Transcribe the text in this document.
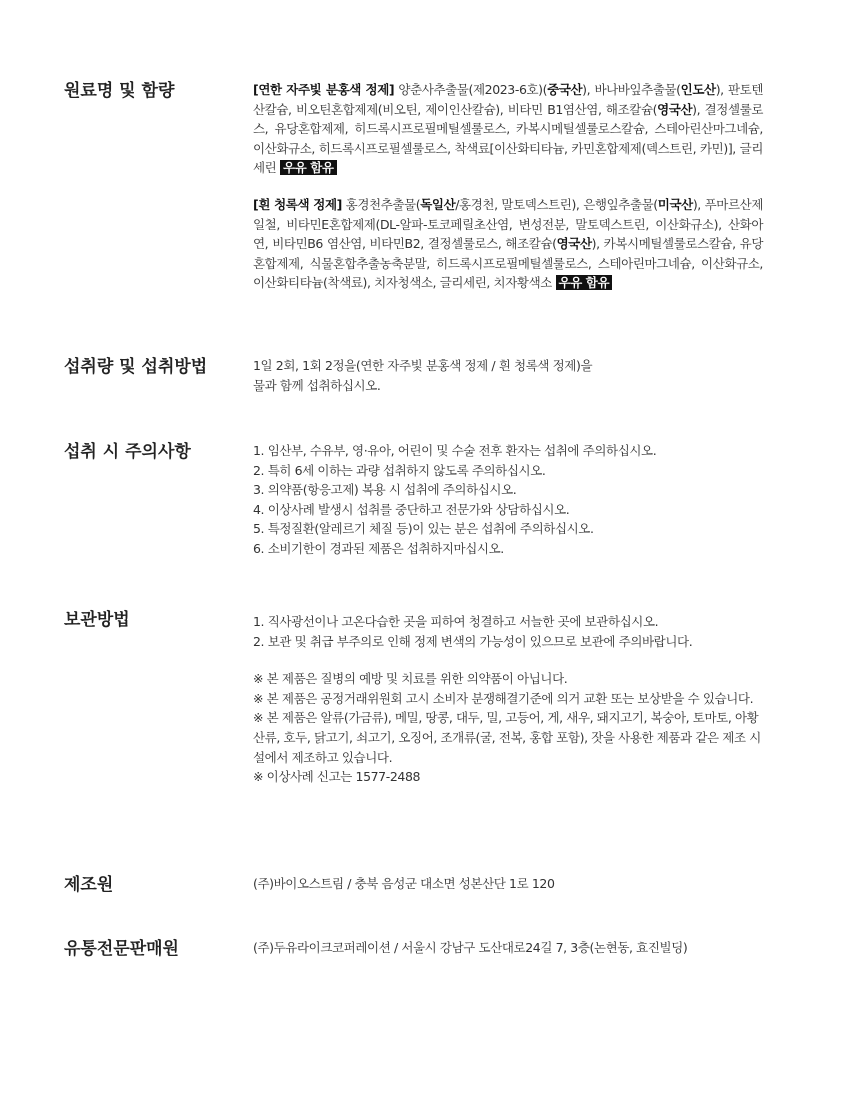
원료명 및 함량	[연한 자주빛 분홍색 정제] 양춘사추출물(제2023-6호)(중국산), 바나바잎추출물(인도산), 판토텐산칼슘, 비오틴혼합제제(비오틴, 제이인산칼슘), 비타민 B1염산염, 해조칼슘(영국산), 결정셀룰로스, 유당혼합제제, 히드록시프로필메틸셀룰로스, 카복시메틸셀룰로스칼슘, 스테아린산마그네슘, 이산화규소, 히드록시프로필셀룰로스, 착색료[이산화티타늄, 카민혼합제제(덱스트린, 카민)], 글리세린 우유 함유

[흰 청록색 정제] 홍경천추출물(독일산/홍경천, 말토덱스트린), 은행잎추출물(미국산), 푸마르산제일철, 비타민E혼합제제(DL-알파-토코페릴초산염, 변성전분, 말토덱스트린, 이산화규소), 산화아연, 비타민B6 염산염, 비타민B2, 결정셀룰로스, 해조칼슘(영국산), 카복시메틸셀룰로스칼슘, 유당혼합제제, 식물혼합추출농축분말, 히드록시프로필메틸셀룰로스, 스테아린마그네슘, 이산화규소, 이산화티타늄(착색료), 치자청색소, 글리세린, 치자황색소 우유 함유

섭취량 및 섭취방법	1일 2회, 1회 2정을(연한 자주빛 분홍색 정제 / 흰 청록색 정제)을
물과 함께 섭취하십시오.
섭취 시 주의사항	1. 임산부, 수유부, 영·유아, 어린이 및 수술 전후 환자는 섭취에 주의하십시오.
2. 특히 6세 이하는 과량 섭취하지 않도록 주의하십시오.
3. 의약품(항응고제) 복용 시 섭취에 주의하십시오.
4. 이상사례 발생시 섭취를 중단하고 전문가와 상담하십시오.
5. 특정질환(알레르기 체질 등)이 있는 분은 섭취에 주의하십시오.
6. 소비기한이 경과된 제품은 섭취하지마십시오.
보관방법	1. 직사광선이나 고온다습한 곳을 피하여 청결하고 서늘한 곳에 보관하십시오.
2. 보관 및 취급 부주의로 인해 정제 변색의 가능성이 있으므로 보관에 주의바랍니다.
※ 본 제품은 질병의 예방 및 치료를 위한 의약품이 아닙니다.
※ 본 제품은 공정거래위원회 고시 소비자 분쟁해결기준에 의거 교환 또는 보상받을 수 있습니다.
※ 본 제품은 알류(가금류), 메밀, 땅콩, 대두, 밀, 고등어, 게, 새우, 돼지고기, 복숭아, 토마토, 아황산류, 호두, 닭고기, 쇠고기, 오징어, 조개류(굴, 전복, 홍합 포함), 잣을 사용한 제품과 같은 제조 시설에서 제조하고 있습니다.
※ 이상사례 신고는 1577-2488
제조원	(주)바이오스트림 / 충북 음성군 대소면 성본산단 1로 120
유통전문판매원	(주)두유라이크코퍼레이션 / 서울시 강남구 도산대로24길 7, 3층(논현동, 효진빌딩)
